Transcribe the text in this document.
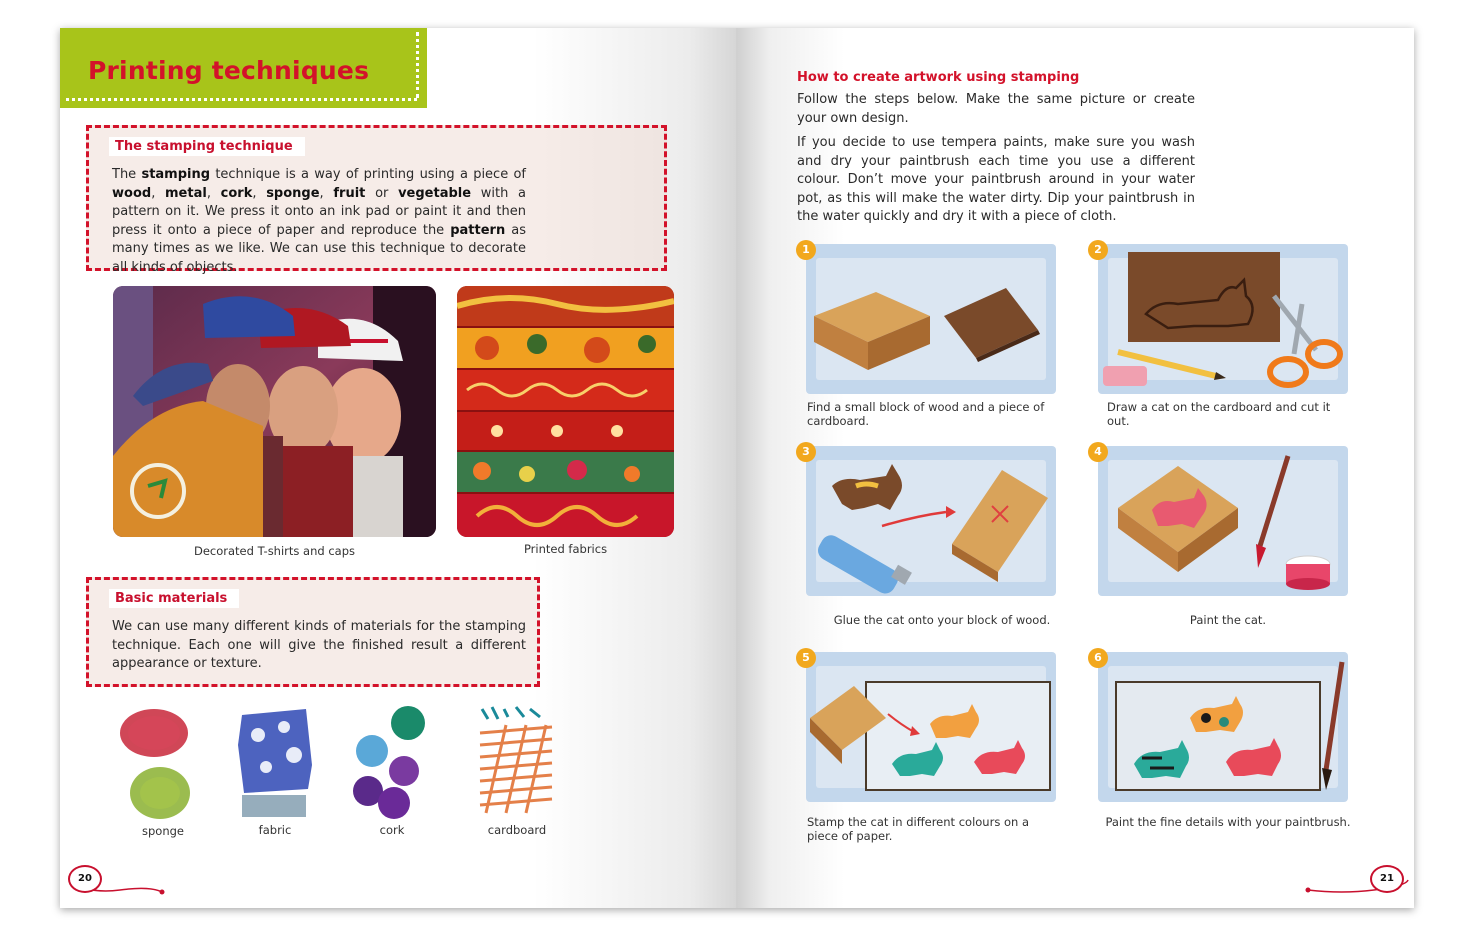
Printing techniques
The stamping technique

The stamping technique is a way of printing using a piece of wood, metal, cork, sponge, fruit or vegetable with a pattern on it. We press it onto an ink pad or paint it and then press it onto a piece of paper and reproduce the pattern as many times as we like. We can use this technique to decorate all kinds of objects.

Decorated T-shirts and caps	Printed fabrics
Basic materials

We can use many different kinds of materials for the stamping technique. Each one will give the finished result a different appearance or texture.

sponge	fabric	cork	cardboard
20
How to create artwork using stamping

Follow the steps below. Make the same picture or create your own design.

If you decide to use tempera paints, make sure you wash and dry your paintbrush each time you use a different colour. Don’t move your paintbrush around in your water pot, as this will make the water dirty. Dip your paintbrush in the water quickly and dry it with a piece of cloth.

1
Find a small block of wood and a piece of cardboard.
2
Draw a cat on the cardboard and cut it out.
3
Glue the cat onto your block of wood.
4
Paint the cat.
5
Stamp the cat in different colours on a piece of paper.
6
Paint the fine details with your paintbrush.
21
